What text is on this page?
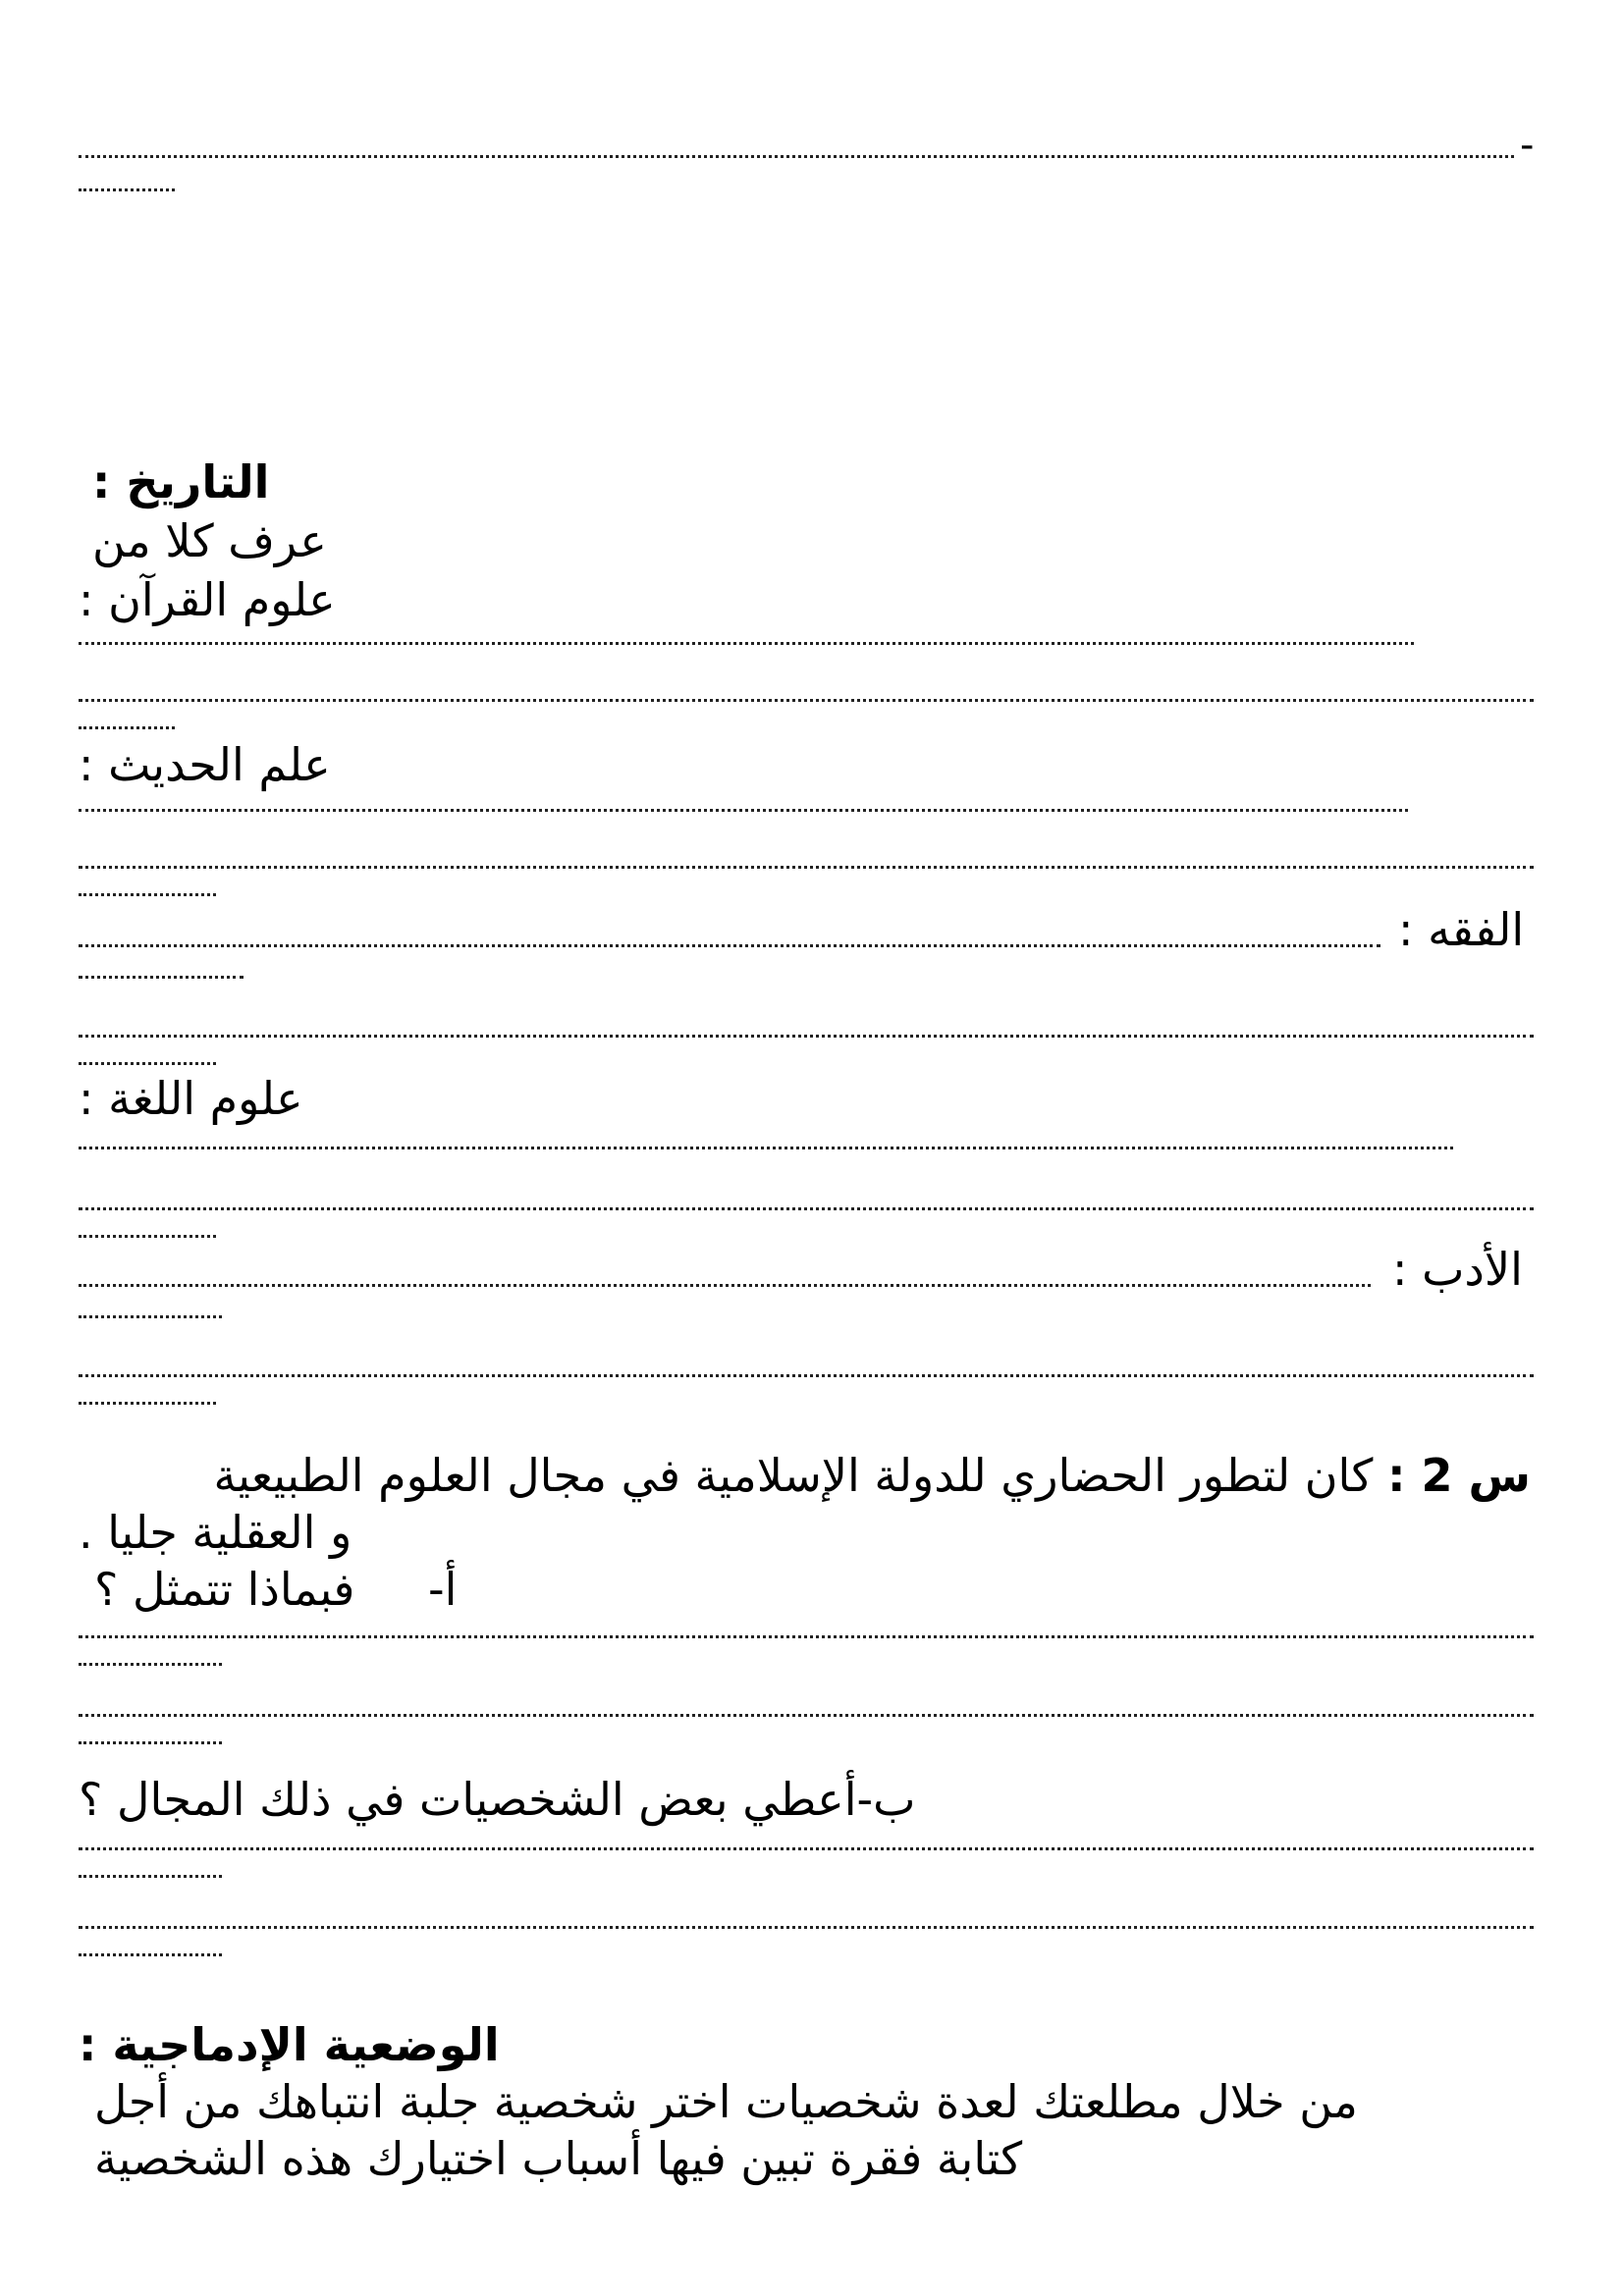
-
التاريخ :
عرف كلا من
علوم القرآن :
علم الحديث :
الفقه :
علوم اللغة :
الأدب :
س 2 : كان لتطور الحضاري للدولة الإسلامية في مجال العلوم الطبيعية
و العقلية جليا .
أ-
فبماذا تتمثل ؟
ب-أعطي بعض الشخصيات في ذلك المجال ؟
الوضعية الإدماجية :
من خلال مطلعتك لعدة شخصيات اختر شخصية جلبة انتباهك من أجل
كتابة فقرة تبين فيها أسباب اختيارك هذه الشخصية
